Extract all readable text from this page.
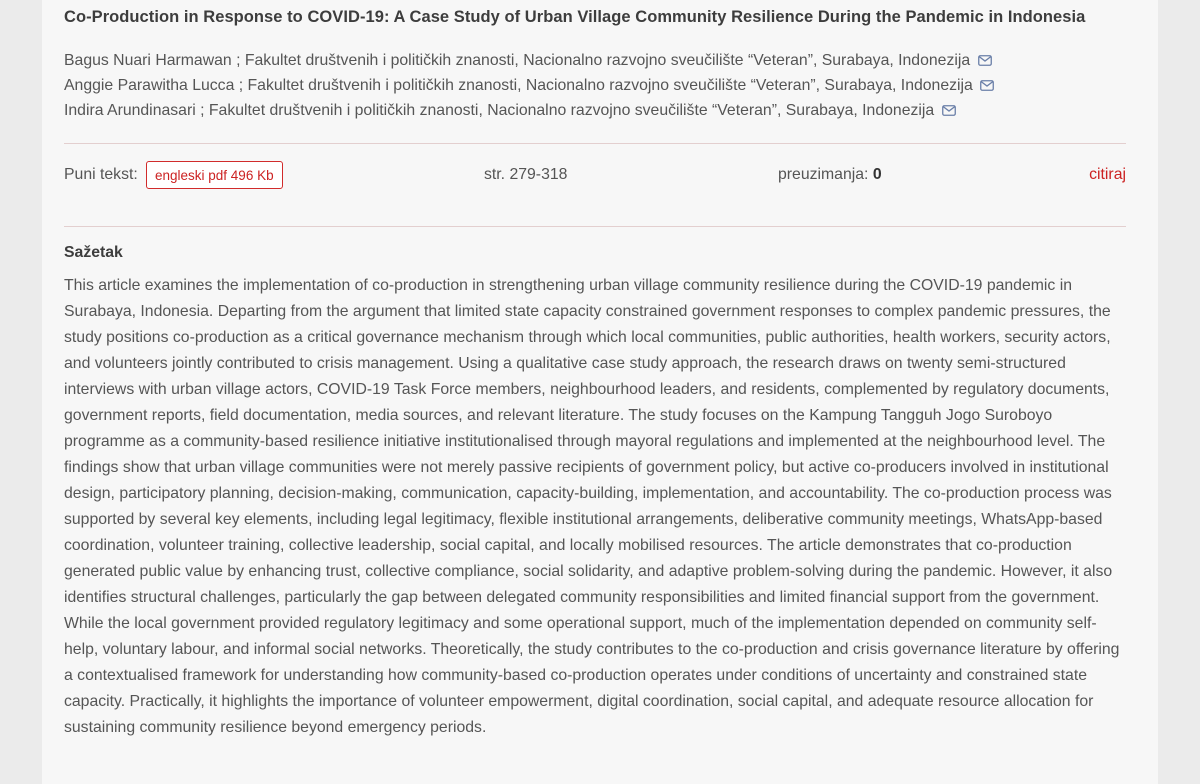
Co-Production in Response to COVID-19: A Case Study of Urban Village Community Resilience During the Pandemic in Indonesia
Bagus Nuari Harmawan ; Fakultet društvenih i političkih znanosti, Nacionalno razvojno sveučilište “Veteran”, Surabaya, Indonezija
Anggie Parawitha Lucca ; Fakultet društvenih i političkih znanosti, Nacionalno razvojno sveučilište “Veteran”, Surabaya, Indonezija
Indira Arundinasari ; Fakultet društvenih i političkih znanosti, Nacionalno razvojno sveučilište “Veteran”, Surabaya, Indonezija
Puni tekst:	engleski pdf 496 Kb	str. 279-318	preuzimanja: 0	citiraj
Sažetak

This article examines the implementation of co-production in strengthening urban village community resilience during the COVID-19 pandemic in Surabaya, Indonesia. Departing from the argument that limited state capacity constrained government responses to complex pandemic pressures, the study positions co-production as a critical governance mechanism through which local communities, public authorities, health workers, security actors, and volunteers jointly contributed to crisis management. Using a qualitative case study approach, the research draws on twenty semi-structured interviews with urban village actors, COVID-19 Task Force members, neighbourhood leaders, and residents, complemented by regulatory documents, government reports, field documentation, media sources, and relevant literature. The study focuses on the Kampung Tangguh Jogo Suroboyo programme as a community-based resilience initiative institutionalised through mayoral regulations and implemented at the neighbourhood level. The findings show that urban village communities were not merely passive recipients of government policy, but active co-producers involved in institutional design, participatory planning, decision-making, communication, capacity-building, implementation, and accountability. The co-production process was supported by several key elements, including legal legitimacy, flexible institutional arrangements, deliberative community meetings, WhatsApp-based coordination, volunteer training, collective leadership, social capital, and locally mobilised resources. The article demonstrates that co-production generated public value by enhancing trust, collective compliance, social solidarity, and adaptive problem-solving during the pandemic. However, it also identifies structural challenges, particularly the gap between delegated community responsibilities and limited financial support from the government. While the local government provided regulatory legitimacy and some operational support, much of the implementation depended on community self-help, voluntary labour, and informal social networks. Theoretically, the study contributes to the co-production and crisis governance literature by offering a contextualised framework for understanding how community-based co-production operates under conditions of uncertainty and constrained state capacity. Practically, it highlights the importance of volunteer empowerment, digital coordination, social capital, and adequate resource allocation for sustaining community resilience beyond emergency periods.
